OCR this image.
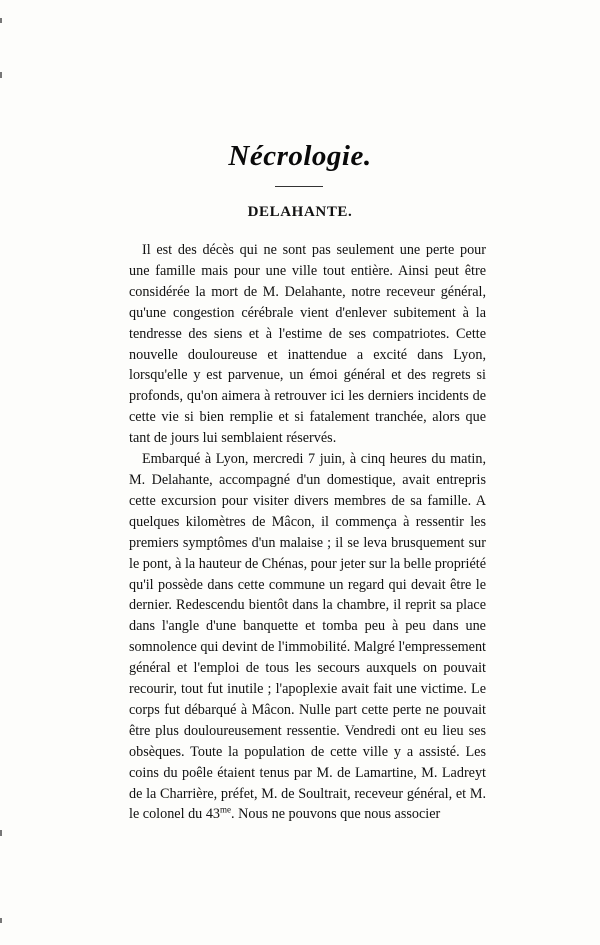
Nécrologie.
DELAHANTE.

Il est des décès qui ne sont pas seulement une perte pour une famille mais pour une ville tout entière. Ainsi peut être considérée la mort de M. Delahante, notre receveur général, qu'une congestion cérébrale vient d'enlever subitement à la tendresse des siens et à l'estime de ses compatriotes. Cette nouvelle douloureuse et inattendue a excité dans Lyon, lorsqu'elle y est parvenue, un émoi général et des regrets si profonds, qu'on aimera à retrouver ici les derniers incidents de cette vie si bien remplie et si fatalement tranchée, alors que tant de jours lui semblaient réservés.

Embarqué à Lyon, mercredi 7 juin, à cinq heures du matin, M. Delahante, accompagné d'un domestique, avait entrepris cette excursion pour visiter divers membres de sa famille. A quelques kilomètres de Mâcon, il commença à ressentir les premiers symptômes d'un malaise ; il se leva brusquement sur le pont, à la hauteur de Chénas, pour jeter sur la belle propriété qu'il possède dans cette commune un regard qui devait être le dernier. Redescendu bientôt dans la chambre, il reprit sa place dans l'angle d'une banquette et tomba peu à peu dans une somnolence qui devint de l'immobilité. Malgré l'empressement général et l'emploi de tous les secours auxquels on pouvait recourir, tout fut inutile ; l'apoplexie avait fait une victime. Le corps fut débarqué à Mâcon. Nulle part cette perte ne pouvait être plus douloureusement ressentie. Vendredi ont eu lieu ses obsèques. Toute la population de cette ville y a assisté. Les coins du poêle étaient tenus par M. de Lamartine, M. Ladreyt de la Charrière, préfet, M. de Soultrait, receveur général, et M. le colonel du $43^{me}$. Nous ne pouvons que nous associer
